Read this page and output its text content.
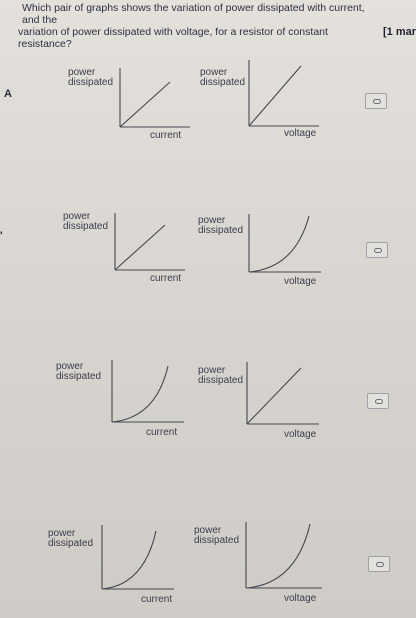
Which pair of graphs shows the variation of power dissipated with current, and the
variation of power dissipated with voltage, for a resistor of constant resistance?
[1 mar
A
power
dissipated
current
power
dissipated
voltage
'
power
dissipated
current
power
dissipated
voltage
power
dissipated
current
power
dissipated
voltage
power
dissipated
current
power
dissipated
voltage
